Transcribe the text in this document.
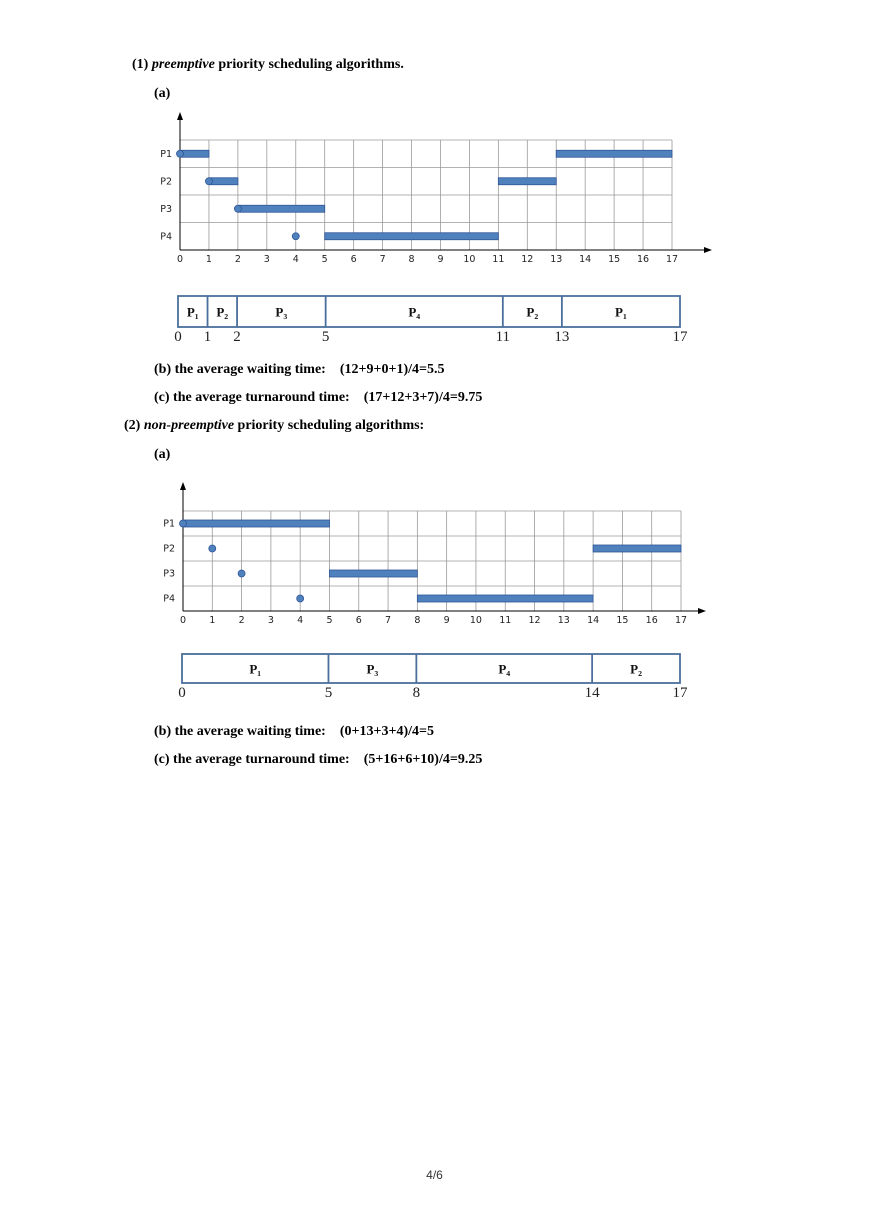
(1) preemptive priority scheduling algorithms.
(a)
P1
P2
P3
P4
0 1 2 3 4 5 6 7 8 9 10 11 12 13 14 15 16 17
P₁ P₂	P₃	P₄	P₂	P₁
0 1 2	5	11	13	17
(b) the average waiting time: (12+9+0+1)/4=5.5
(c) the average turnaround time: (17+12+3+7)/4=9.75
(2) non-preemptive priority scheduling algorithms:
(a)
P1
P2
P3
P4
0 1 2 3 4 5 6 7 8 9 10 11 12 13 14 15 16 17
P₁	P₃	P₄	P₂
0	5	8	14	17
(b) the average waiting time: (0+13+3+4)/4=5
(c) the average turnaround time: (5+16+6+10)/4=9.25
4/6
